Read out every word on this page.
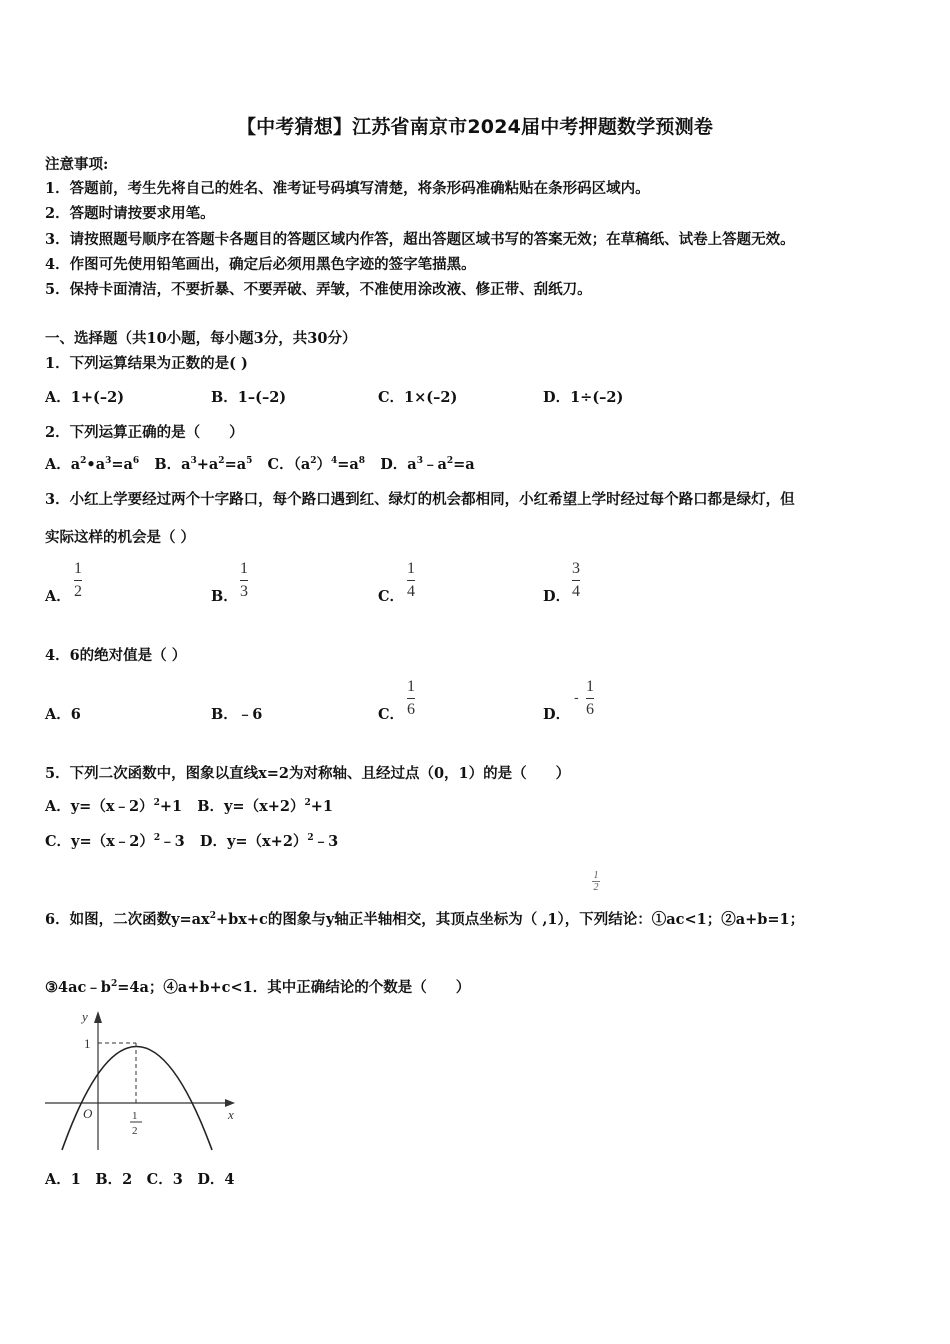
【中考猜想】江苏省南京市2024届中考押题数学预测卷
注意事项:
1．答题前，考生先将自己的姓名、准考证号码填写清楚，将条形码准确粘贴在条形码区域内。
2．答题时请按要求用笔。
3．请按照题号顺序在答题卡各题目的答题区域内作答，超出答题区域书写的答案无效；在草稿纸、试卷上答题无效。
4．作图可先使用铅笔画出，确定后必须用黑色字迹的签字笔描黑。
5．保持卡面清洁，不要折暴、不要弄破、弄皱，不准使用涂改液、修正带、刮纸刀。
一、选择题（共10小题，每小题3分，共30分）
1．下列运算结果为正数的是( )
A．1+(–2)	B．1–(–2)	C．1×(–2)	D．1÷(–2)
2．下列运算正确的是（　　）
A．$a^2•a^3=a^6$ B．$a^3+a^2=a^5$ C．$(a^2)^4=a^8$ D．$a^3﹣a^2=a$
3．小红上学要经过两个十字路口，每个路口遇到红、绿灯的机会都相同，小红希望上学时经过每个路口都是绿灯，但
实际这样的机会是（ ）
A．
1
2	B．
1
3	C．
1
4	D．
3
4
4．6的绝对值是（ ）
A．6	B．﹣6	C．
1
6	D．
-
1
6
5．下列二次函数中，图象以直线x=2为对称轴、且经过点（0，1）的是（　　）
A．y=（x﹣2）$^2$+1 B．$y=(x+2)^2+1$
C．y=（x﹣2）$^2$﹣3 D．$y=(x+2)^2﹣3$
1
2
6．如图，二次函数$y=ax^2+bx+c$的图象与y轴正半轴相交，其顶点坐标为（ ,1），下列结论：①ac<1；②a+b=1；
$③4ac﹣b^2=4a$；④a+b+c<1．其中正确结论的个数是（　　）
y
x
O
1
1
2
A．1　B．2　C．3　D．4
